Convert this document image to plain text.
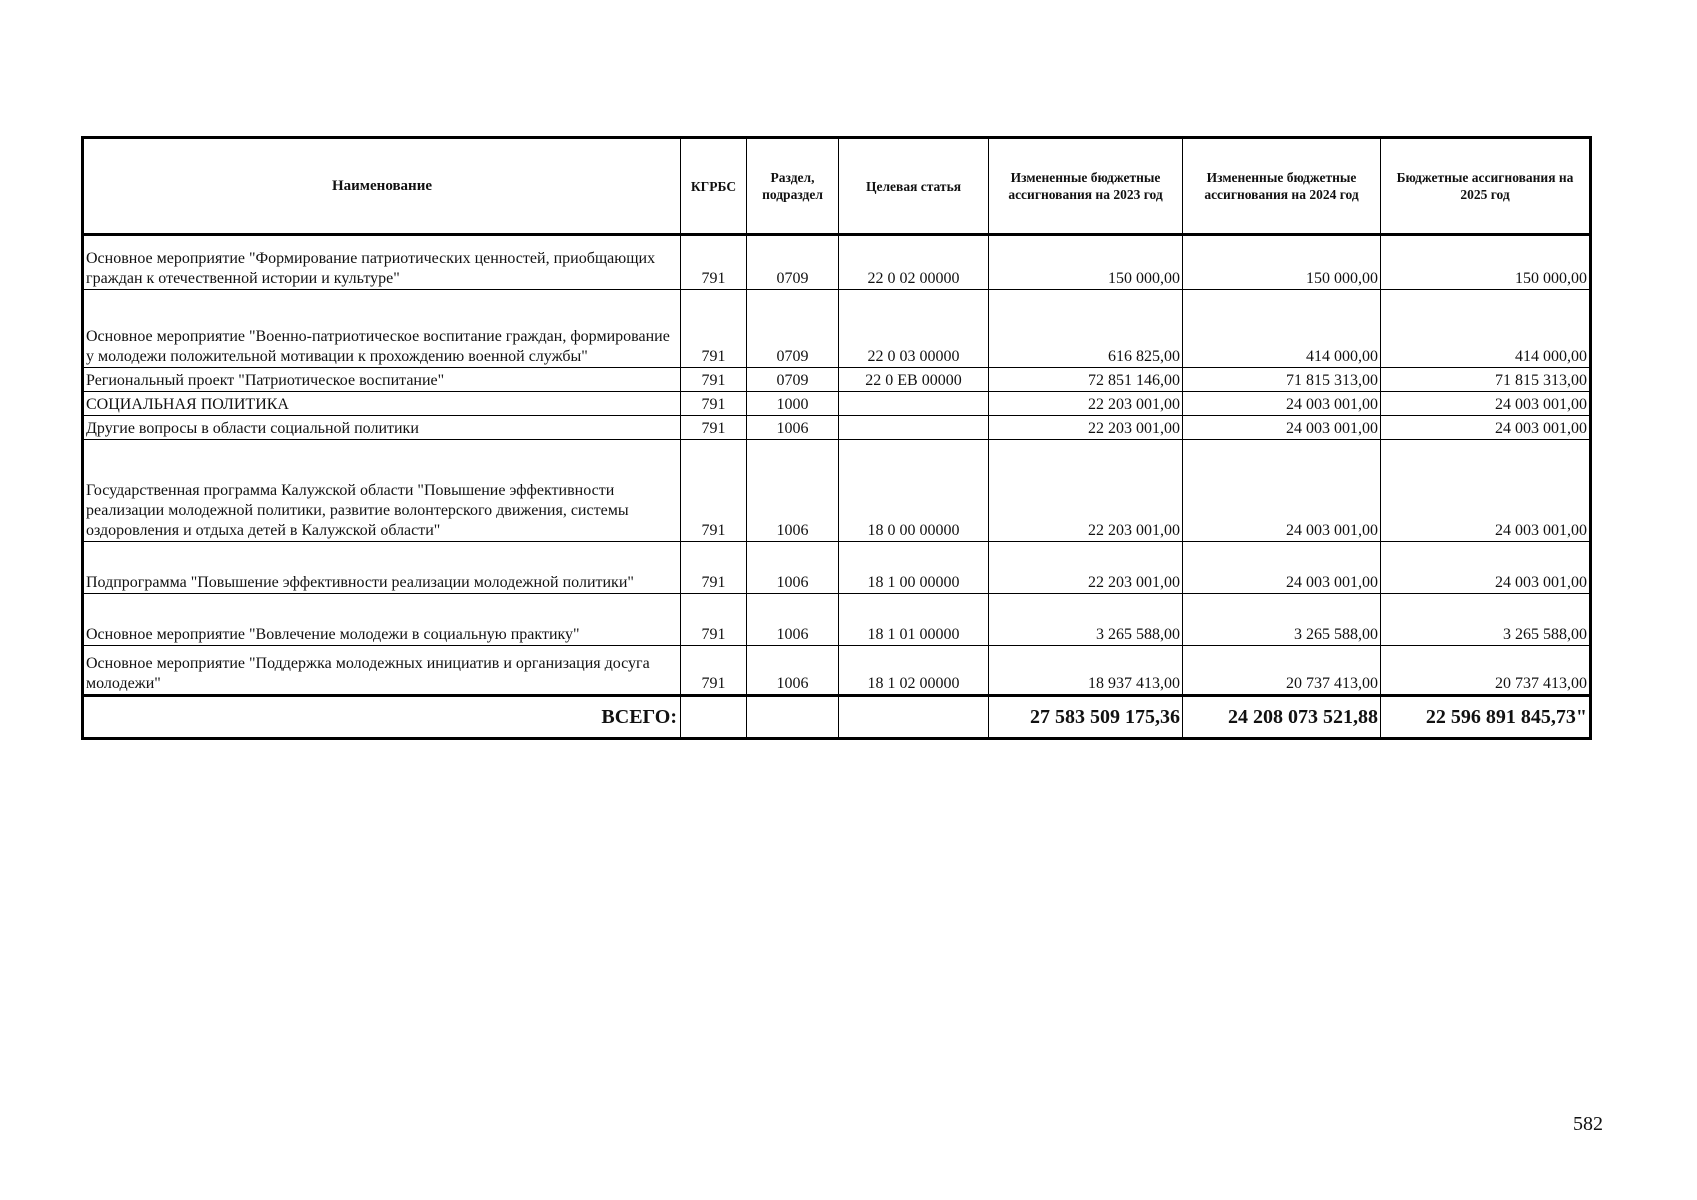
Наименование	КГРБС	Раздел, подраздел	Целевая статья	Измененные бюджетные ассигнования на 2023 год	Измененные бюджетные ассигнования на 2024 год	Бюджетные ассигнования на 2025 год
Основное мероприятие "Формирование патриотических ценностей, приобщающих граждан к отечественной истории и культуре"	791	0709	22 0 02 00000	150 000,00	150 000,00	150 000,00
Основное мероприятие "Военно-патриотическое воспитание граждан, формирование у молодежи положительной мотивации к прохождению военной службы"	791	0709	22 0 03 00000	616 825,00	414 000,00	414 000,00
Региональный проект "Патриотическое воспитание"	791	0709	22 0 EB 00000	72 851 146,00	71 815 313,00	71 815 313,00
СОЦИАЛЬНАЯ ПОЛИТИКА	791	1000		22 203 001,00	24 003 001,00	24 003 001,00
Другие вопросы в области социальной политики	791	1006		22 203 001,00	24 003 001,00	24 003 001,00
Государственная программа Калужской области "Повышение эффективности реализации молодежной политики, развитие волонтерского движения, системы оздоровления и отдыха детей в Калужской области"	791	1006	18 0 00 00000	22 203 001,00	24 003 001,00	24 003 001,00
Подпрограмма "Повышение эффективности реализации молодежной политики"	791	1006	18 1 00 00000	22 203 001,00	24 003 001,00	24 003 001,00
Основное мероприятие "Вовлечение молодежи в социальную практику"	791	1006	18 1 01 00000	3 265 588,00	3 265 588,00	3 265 588,00
Основное мероприятие "Поддержка молодежных инициатив и организация досуга молодежи"	791	1006	18 1 02 00000	18 937 413,00	20 737 413,00	20 737 413,00
ВСЕГО:				27 583 509 175,36	24 208 073 521,88	22 596 891 845,73"
582
